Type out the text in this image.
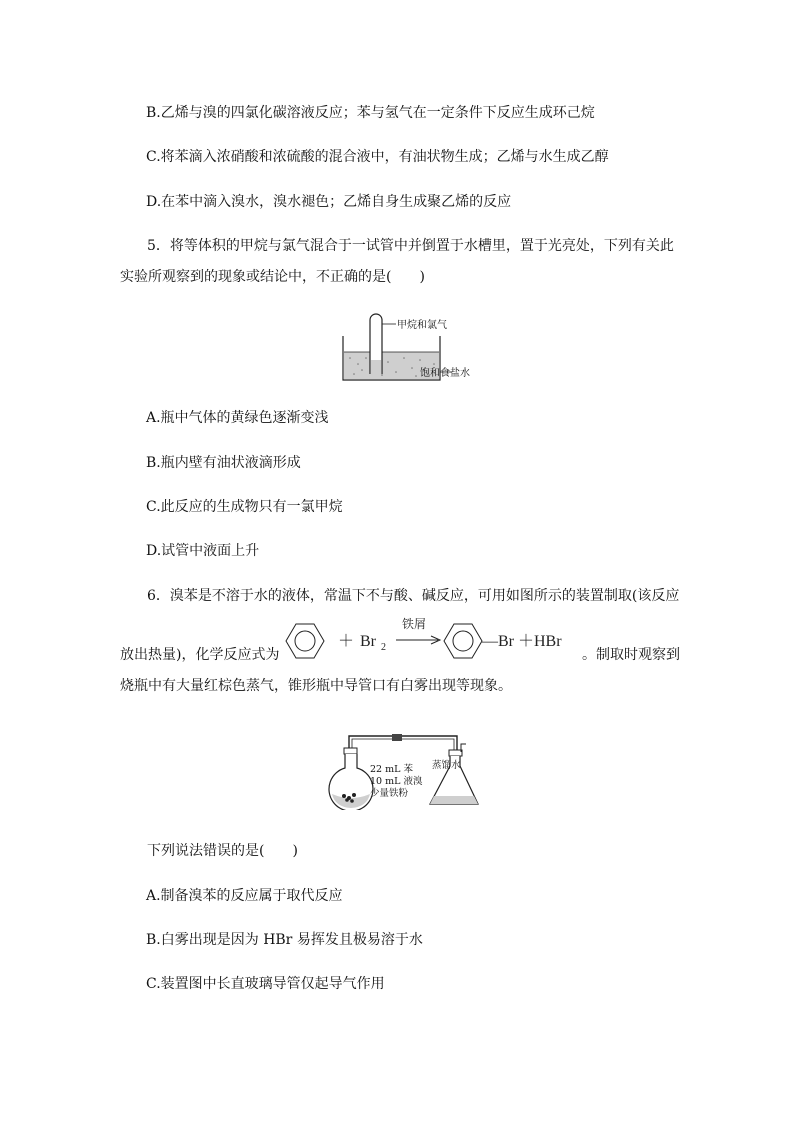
B.乙烯与溴的四氯化碳溶液反应；苯与氢气在一定条件下反应生成环己烷
C.将苯滴入浓硝酸和浓硫酸的混合液中，有油状物生成；乙烯与水生成乙醇
D.在苯中滴入溴水，溴水褪色；乙烯自身生成聚乙烯的反应
5．将等体积的甲烷与氯气混合于一试管中并倒置于水槽里，置于光亮处，下列有关此
实验所观察到的现象或结论中，不正确的是(　　)
甲烷和氯气
饱和食盐水
A.瓶中气体的黄绿色逐渐变浅
B.瓶内壁有油状液滴形成
C.此反应的生成物只有一氯甲烷
D.试管中液面上升
6．溴苯是不溶于水的液体，常温下不与酸、碱反应，可用如图所示的装置制取(该反应
放出热量)，化学反应式为
＋ Br 2
铁屑
—Br ＋HBr
。制取时观察到
烧瓶中有大量红棕色蒸气，锥形瓶中导管口有白雾出现等现象。
22 mL 苯
10 mL 液溴
少量铁粉
蒸馏水
下列说法错误的是(　　)
A.制备溴苯的反应属于取代反应
B.白雾出现是因为 HBr 易挥发且极易溶于水
C.装置图中长直玻璃导管仅起导气作用
